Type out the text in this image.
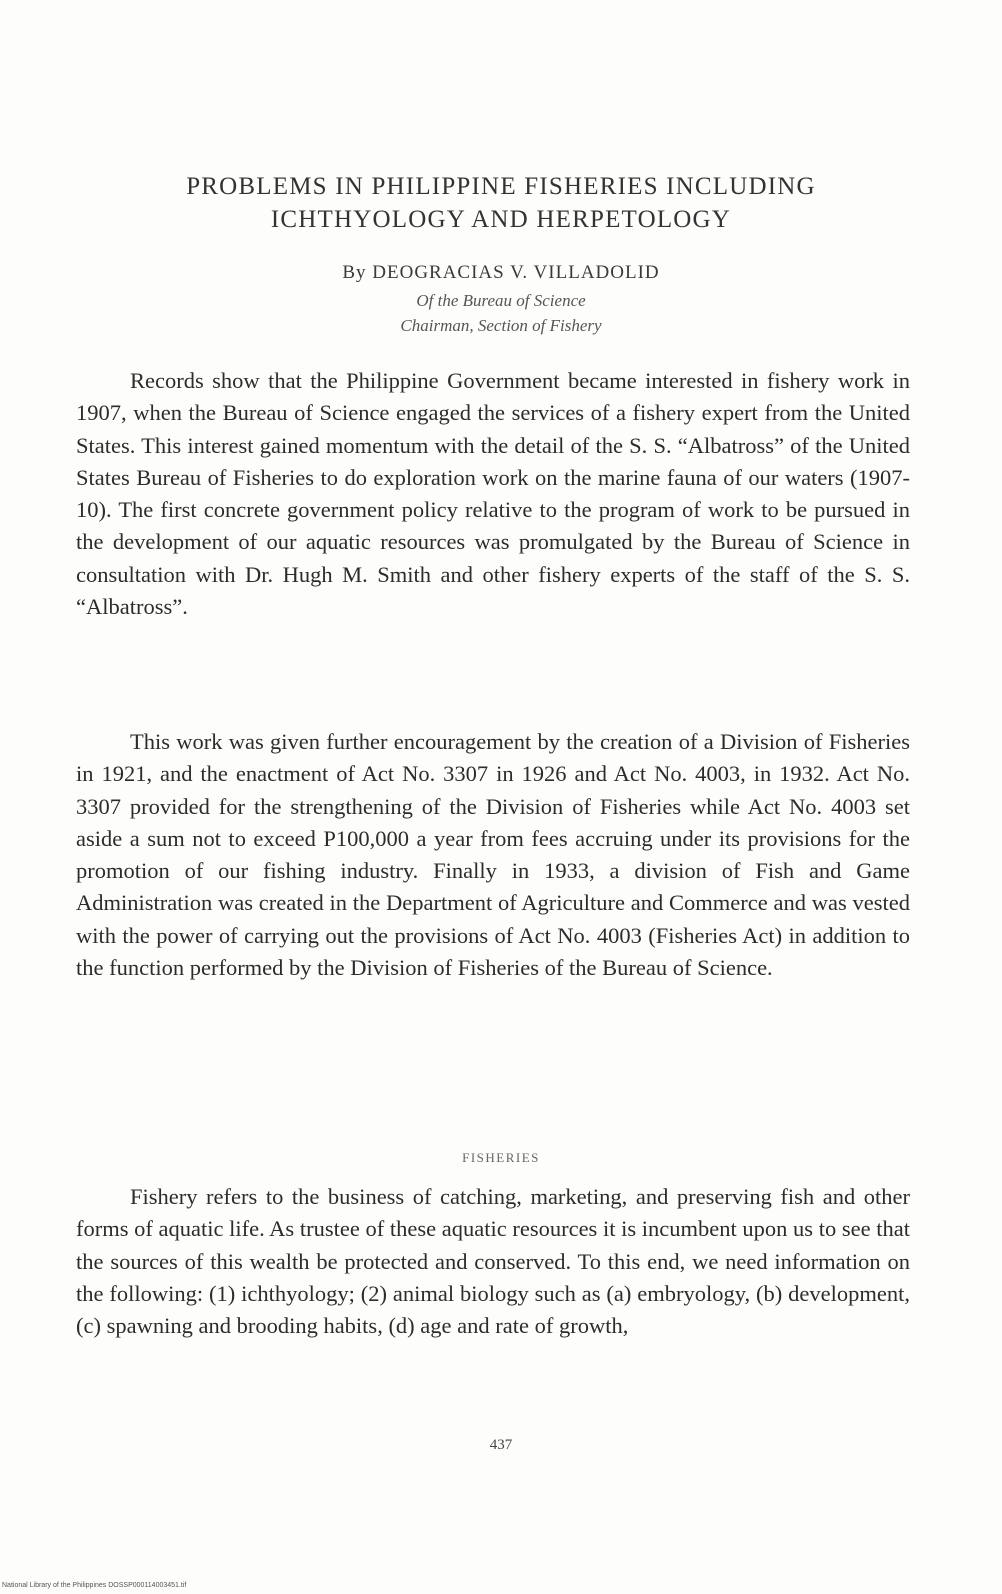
PROBLEMS IN PHILIPPINE FISHERIES INCLUDING
ICHTHYOLOGY AND HERPETOLOGY
By DEOGRACIAS V. VILLADOLID
Of the Bureau of Science
Chairman, Section of Fishery

Records show that the Philippine Government became interested in fishery work in 1907, when the Bureau of Science engaged the services of a fishery expert from the United States. This interest gained momentum with the detail of the S. S. “Albatross” of the United States Bureau of Fisheries to do exploration work on the marine fauna of our waters (1907-10). The first concrete government policy relative to the program of work to be pursued in the development of our aquatic resources was promulgated by the Bureau of Science in consultation with Dr. Hugh M. Smith and other fishery experts of the staff of the S. S. “Albatross”.

This work was given further encouragement by the creation of a Division of Fisheries in 1921, and the enactment of Act No. 3307 in 1926 and Act No. 4003, in 1932. Act No. 3307 provided for the strengthening of the Division of Fisheries while Act No. 4003 set aside a sum not to exceed P100,000 a year from fees accruing under its provisions for the promotion of our fishing industry. Finally in 1933, a division of Fish and Game Administration was created in the Department of Agriculture and Commerce and was vested with the power of carrying out the provisions of Act No. 4003 (Fisheries Act) in addition to the function performed by the Division of Fisheries of the Bureau of Science.

FISHERIES

Fishery refers to the business of catching, marketing, and preserving fish and other forms of aquatic life. As trustee of these aquatic resources it is incumbent upon us to see that the sources of this wealth be protected and conserved. To this end, we need information on the following: (1) ichthyology; (2) animal biology such as (a) embryology, (b) development, (c) spawning and brooding habits, (d) age and rate of growth,

437
National Library of the Philippines DOSSP000114003451.tif
